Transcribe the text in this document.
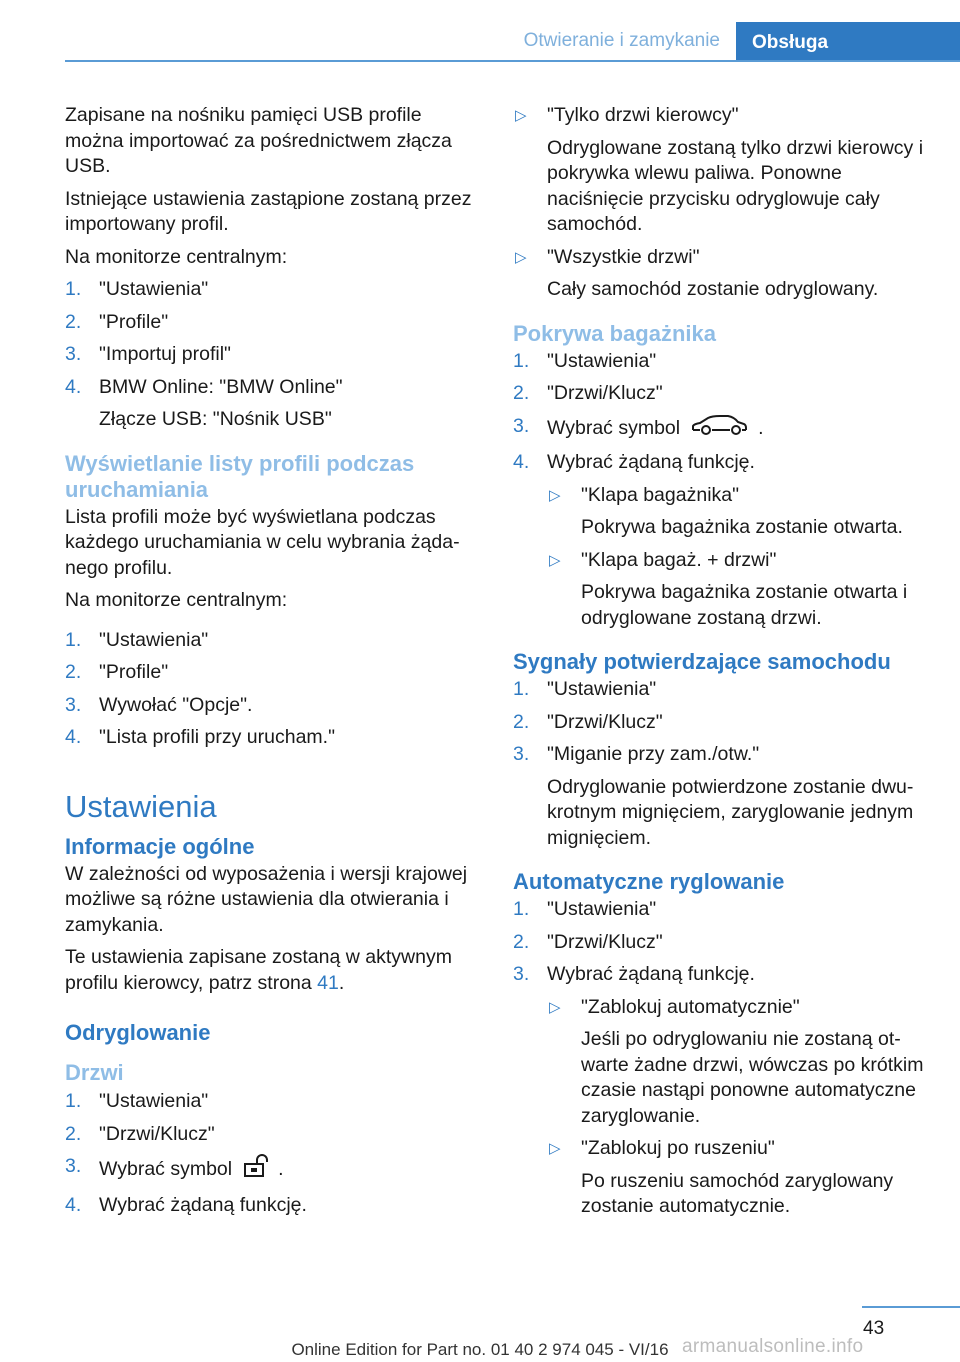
Otwieranie i zamykanie	Obsługa

Zapisane na nośniku pamięci USB profile można importować za pośrednictwem złącza USB.

Istniejące ustawienia zastąpione zostaną przez importowany profil.

Na monitorze centralnym:

1. "Ustawienia"
2. "Profile"
3. "Importuj profil"
4. BMW Online: "BMW Online"
Złącze USB: "Nośnik USB"
Wyświetlanie listy profili podczas uruchamiania

Lista profili może być wyświetlana podczas każdego uruchamiania w celu wybrania żądanego profilu.

Na monitorze centralnym:

1. "Ustawienia"
2. "Profile"
3. Wywołać "Opcje".
4. "Lista profili przy urucham."
Ustawienia
Informacje ogólne

W zależności od wyposażenia i wersji krajowej możliwe są różne ustawienia dla otwierania i zamykania.

Te ustawienia zapisane zostaną w aktywnym profilu kierowcy, patrz strona 41.

Odryglowanie
Drzwi
1. "Ustawienia"
2. "Drzwi/Klucz"
3. Wybrać symbol .
4. Wybrać żądaną funkcję.
▷ "Tylko drzwi kierowcy"
Odryglowane zostaną tylko drzwi kierowcy i pokrywka wlewu paliwa. Ponowne naciśnięcie przycisku odryglowuje cały samochód.
▷ "Wszystkie drzwi"
Cały samochód zostanie odryglowany.
Pokrywa bagażnika
1. "Ustawienia"
2. "Drzwi/Klucz"
3. Wybrać symbol	.
4. Wybrać żądaną funkcję.
▷ "Klapa bagażnika"
Pokrywa bagażnika zostanie otwarta.
▷ "Klapa bagaż. + drzwi"
Pokrywa bagażnika zostanie otwarta i odryglowane zostaną drzwi.
Sygnały potwierdzające samochodu
1. "Ustawienia"
2. "Drzwi/Klucz"
3. "Miganie przy zam./otw."
Odryglowanie potwierdzone zostanie dwukrotnym mignięciem, zaryglowanie jednym mignięciem.
Automatyczne ryglowanie
1. "Ustawienia"
2. "Drzwi/Klucz"
3. Wybrać żądaną funkcję.
▷ "Zablokuj automatycznie"
Jeśli po odryglowaniu nie zostaną otwarte żadne drzwi, wówczas po krótkim czasie nastąpi ponowne automatyczne zaryglowanie.
▷ "Zablokuj po ruszeniu"
Po ruszeniu samochód zaryglowany zostanie automatycznie.
43
Online Edition for Part no. 01 40 2 974 045 - VI/16 armanualsonline.info
